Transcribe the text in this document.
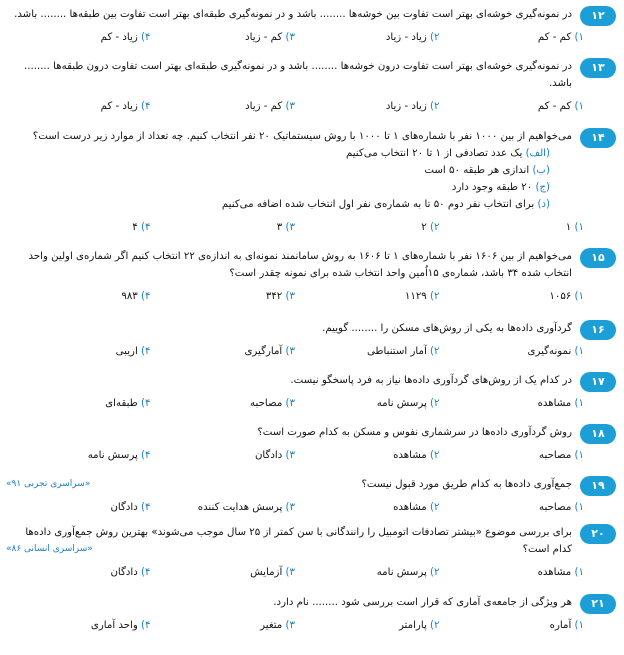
۱۲

در نمونه‌گیری خوشه‌ای بهتر است تفاوت بین خوشه‌ها ........ باشد و در نمونه‌گیری طبقه‌ای بهتر است تفاوت بین طبقه‌ها ........ باشد.

۱) کم - کم
۲) زیاد - زیاد
۳) کم - زیاد
۴) زیاد - کم
۱۳

در نمونه‌گیری خوشه‌ای بهتر است تفاوت درون خوشه‌ها ........ باشد و در نمونه‌گیری طبقه‌ای بهتر است تفاوت درون طبقه‌ها ........

باشد.

۱) کم - کم
۲) زیاد - زیاد
۳) کم - زیاد
۴) زیاد - کم
۱۴

می‌خواهیم از بین ۱۰۰۰ نفر با شماره‌های ۱ تا ۱۰۰۰ با روش سیستماتیک ۲۰ نفر انتخاب کنیم. چه تعداد از موارد زیر درست است؟

(الف) یک عدد تصادفی از ۱ تا ۲۰ انتخاب می‌کنیم
(ب) اندازی هر طبقه ۵۰ است
(ج) ۲۰ طبقه وجود دارد
(د) برای انتخاب نفر دوم ۵۰ تا به شماره‌ی نفر اول انتخاب شده اضافه می‌کنیم
۱) ۱
۲) ۲
۳) ۳
۴) ۴
۱۵

می‌خواهیم از بین ۱۶۰۶ نفر با شماره‌های ۱ تا ۱۶۰۶ به روش سامانمند نمونه‌ای به اندازه‌ی ۲۲ انتخاب کنیم اگر شماره‌ی اولین واحد

انتخاب شده ۳۴ باشد، شماره‌ی ۱۵اُمین واحد انتخاب شده برای نمونه چقدر است؟

۱) ۱۰۵۶
۲) ۱۱۲۹
۳) ۳۴۲
۴) ۹۸۳
۱۶

گردآوری داده‌ها به یکی از روش‌های مسکن را ........ گوییم.

۱) نمونه‌گیری
۲) آمار استنباطی
۳) آمارگیری
۴) اریبی
۱۷

در کدام یک از روش‌های گردآوری داده‌ها نیاز به فرد پاسخگو نیست.

۱) مشاهده
۲) پرسش نامه
۳) مصاحبه
۴) طبقه‌ای
۱۸

روش گردآوری داده‌ها در سرشماری نفوس و مسکن به کدام صورت است؟

۱) مصاحبه
۲) مشاهده
۳) دادگان
۴) پرسش نامه
۱۹

جمع‌آوری داده‌ها به کدام طریق مورد قبول نیست؟
«سراسری تجربی ۹۱»

۱) مصاحبه
۲) مشاهده
۳) پرسش هدایت کننده
۴) دادگان
۲۰

برای بررسی موضوع «بیشتر تصادفات اتومبیل را رانندگانی با سن کمتر از ۲۵ سال موجب می‌شوند» بهترین روش جمع‌آوری داده‌ها

کدام است؟
«سراسری انسانی ۸۶»

۱) مشاهده
۲) پرسش نامه
۳) آزمایش
۴) دادگان
۲۱

هر ویژگی از جامعه‌ی آماری که قرار است بررسی شود ........ نام دارد.

۱) آماره
۲) پارامتر
۳) متغیر
۴) واحد آماری
